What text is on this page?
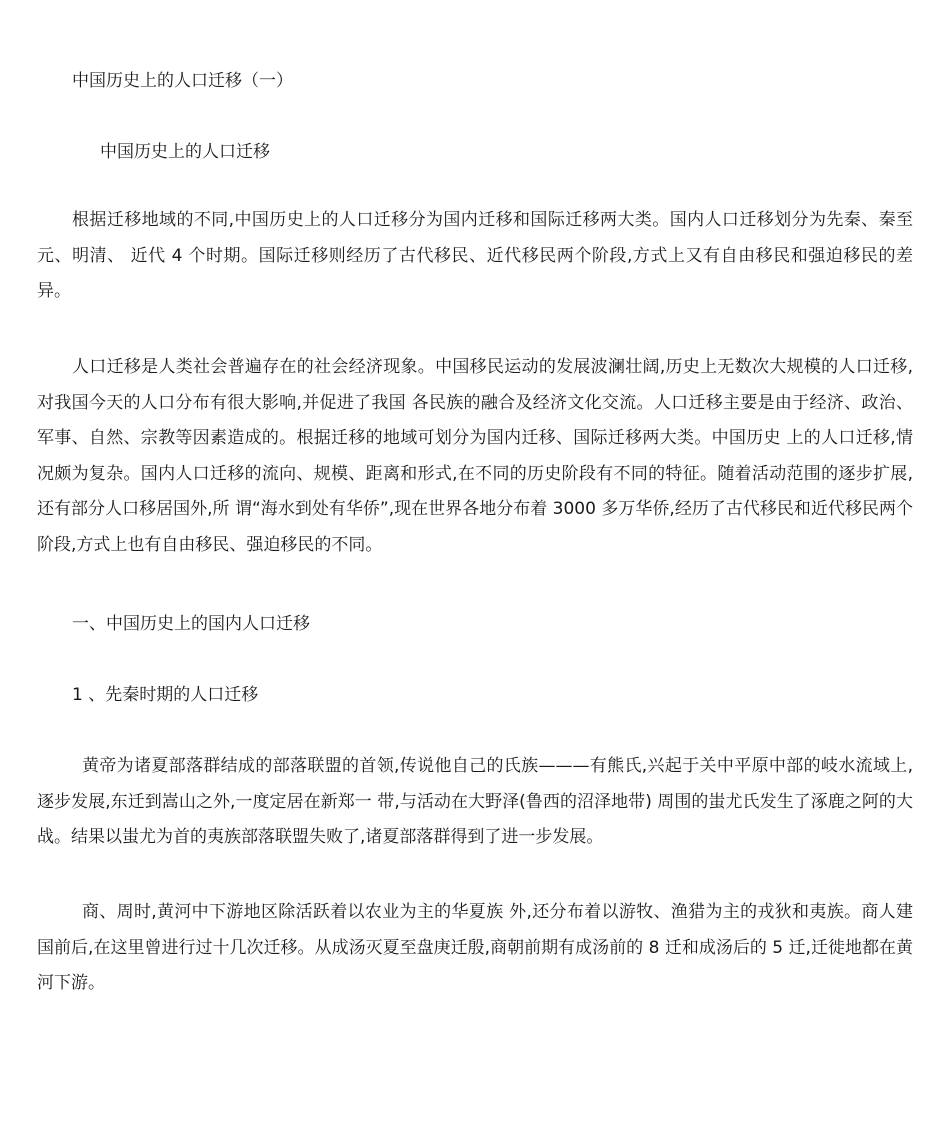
中国历史上的人口迁移（一）
中国历史上的人口迁移

根据迁移地域的不同,中国历史上的人口迁移分为国内迁移和国际迁移两大类。国内人口迁移划分为先秦、秦至元、明清、 近代 4 个时期。国际迁移则经历了古代移民、近代移民两个阶段,方式上又有自由移民和强迫移民的差异。

人口迁移是人类社会普遍存在的社会经济现象。中国移民运动的发展波澜壮阔,历史上无数次大规模的人口迁移,对我国今天的人口分布有很大影响,并促进了我国 各民族的融合及经济文化交流。人口迁移主要是由于经济、政治、军事、自然、宗教等因素造成的。根据迁移的地域可划分为国内迁移、国际迁移两大类。中国历史 上的人口迁移,情况颇为复杂。国内人口迁移的流向、规模、距离和形式,在不同的历史阶段有不同的特征。随着活动范围的逐步扩展,还有部分人口移居国外,所 谓“海水到处有华侨”,现在世界各地分布着 3000 多万华侨,经历了古代移民和近代移民两个阶段,方式上也有自由移民、强迫移民的不同。

一、中国历史上的国内人口迁移
1 、先秦时期的人口迁移

黄帝为诸夏部落群结成的部落联盟的首领,传说他自己的氏族———有熊氏,兴起于关中平原中部的岐水流域上,逐步发展,东迁到嵩山之外,一度定居在新郑一 带,与活动在大野泽(鲁西的沼泽地带) 周围的蚩尤氏发生了涿鹿之阿的大战。结果以蚩尤为首的夷族部落联盟失败了,诸夏部落群得到了进一步发展。

商、周时,黄河中下游地区除活跃着以农业为主的华夏族 外,还分布着以游牧、渔猎为主的戎狄和夷族。商人建国前后,在这里曾进行过十几次迁移。从成汤灭夏至盘庚迁殷,商朝前期有成汤前的 8 迁和成汤后的 5 迁,迁徙地都在黄河下游。
